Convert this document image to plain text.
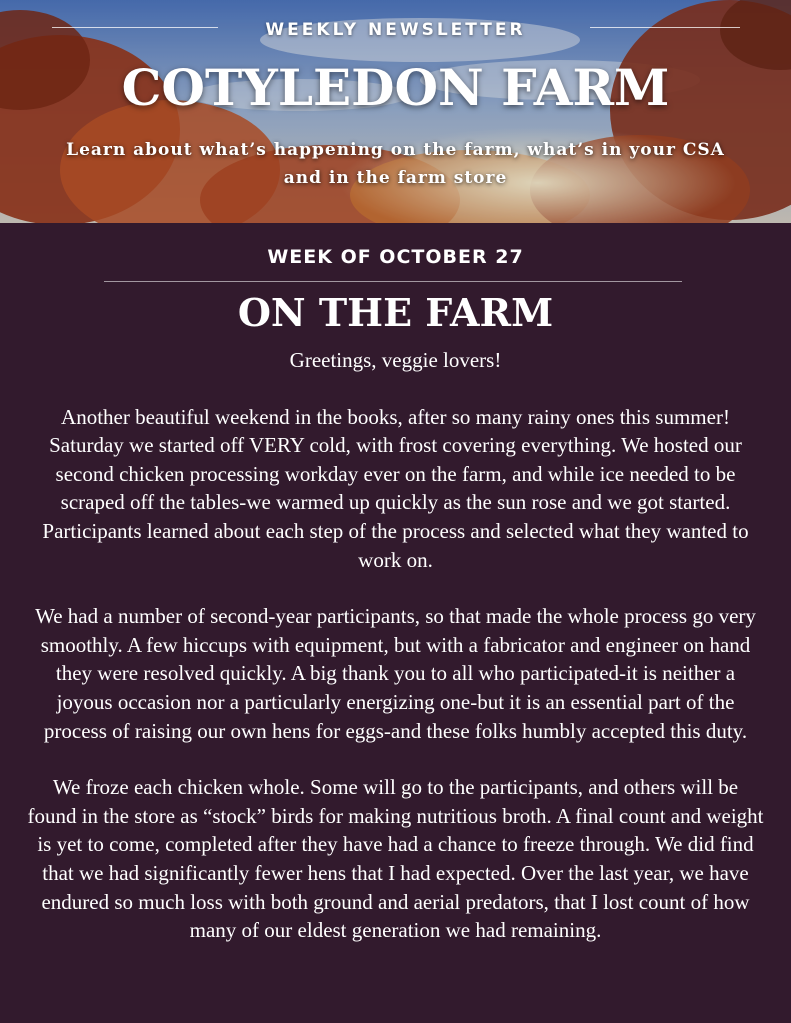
WEEKLY NEWSLETTER
COTYLEDON FARM
Learn about what’s happening on the farm, what’s in your CSA and in the farm store
WEEK OF OCTOBER 27
ON THE FARM

Greetings, veggie lovers!

Another beautiful weekend in the books, after so many rainy ones this summer! Saturday we started off VERY cold, with frost covering everything. We hosted our second chicken processing workday ever on the farm, and while ice needed to be scraped off the tables-we warmed up quickly as the sun rose and we got started. Participants learned about each step of the process and selected what they wanted to work on.

We had a number of second-year participants, so that made the whole process go very smoothly. A few hiccups with equipment, but with a fabricator and engineer on hand they were resolved quickly. A big thank you to all who participated-it is neither a joyous occasion nor a particularly energizing one-but it is an essential part of the process of raising our own hens for eggs-and these folks humbly accepted this duty.

We froze each chicken whole. Some will go to the participants, and others will be found in the store as “stock” birds for making nutritious broth. A final count and weight is yet to come, completed after they have had a chance to freeze through. We did find that we had significantly fewer hens that I had expected. Over the last year, we have endured so much loss with both ground and aerial predators, that I lost count of how many of our eldest generation we had remaining.
